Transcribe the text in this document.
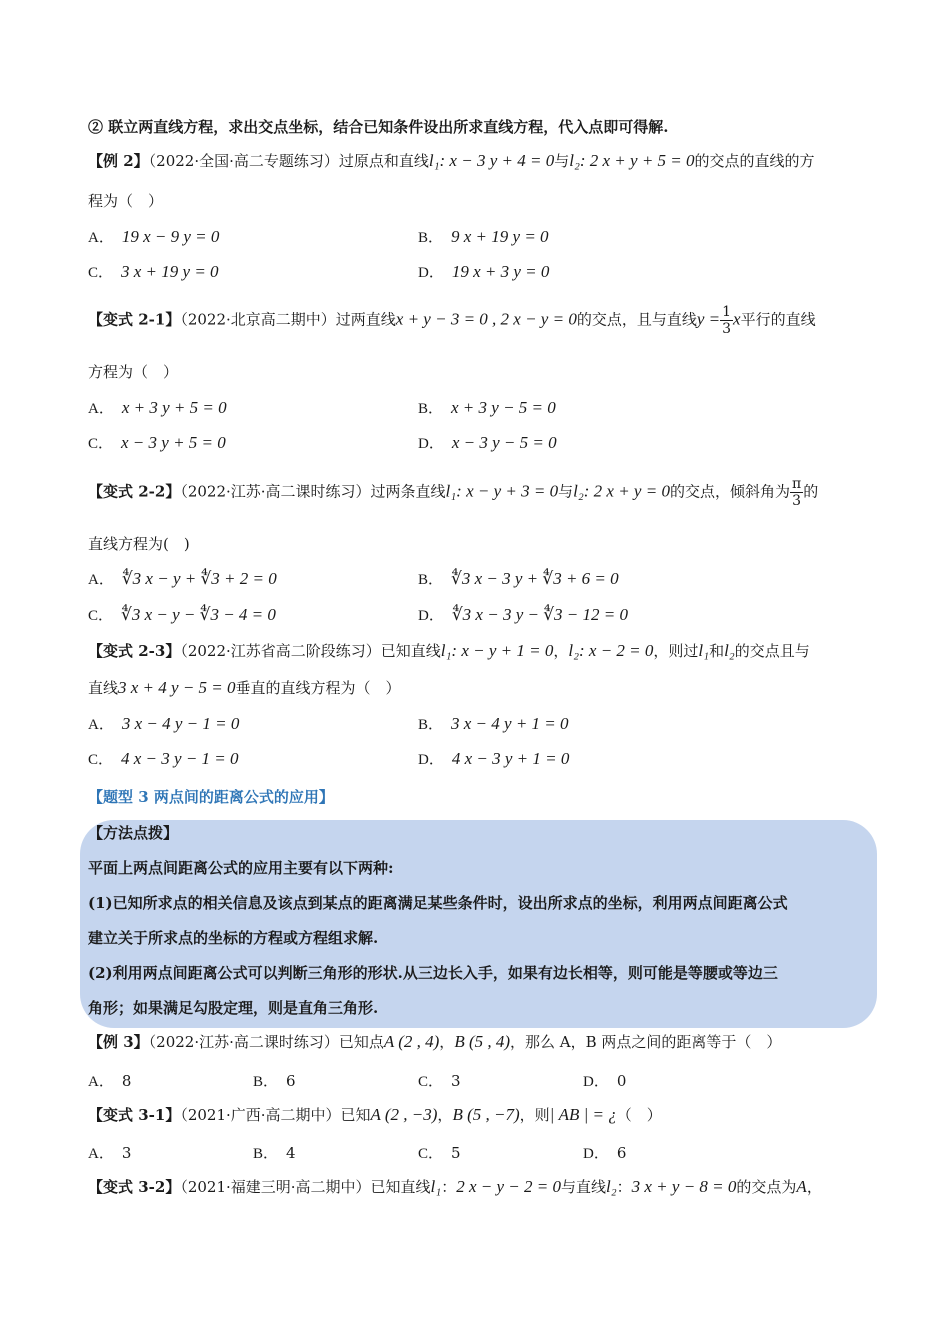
② 联立两直线方程，求出交点坐标，结合已知条件设出所求直线方程，代入点即可得解.
【例 2】（2022·全国·高二专题练习）过原点和直线l₁: x − 3 y + 4 = 0与l₂: 2 x + y + 5 = 0的交点的直线的方
程为（　）
A． 19 x − 9 y = 0	B． 9 x + 19 y = 0
C． 3 x + 19 y = 0	D． 19 x + 3 y = 0
【变式 2-1】（2022·北京高二期中）过两直线x + y − 3 = 0 , 2 x − y = 0的交点，且与直线$y = \frac{1}{3}$ x平行的直线
方程为（　）
A． x + 3 y + 5 = 0	B． x + 3 y − 5 = 0
C． x − 3 y + 5 = 0	D． x − 3 y − 5 = 0
【变式 2-2】（2022·江苏·高二课时练习）过两条直线l₁: x − y + 3 = 0与l₂: 2 x + y = 0的交点，倾斜角为 $\frac{\pi}{3}$ 的
直线方程为(　)
A． ∜3 x − y + ∜3 + 2 = 0	B． ∜3 x − 3 y + ∜3 + 6 = 0
C． ∜3 x − y − ∜3 − 4 = 0	D． ∜3 x − 3 y − ∜3 − 12 = 0
【变式 2-3】（2022·江苏省高二阶段练习）已知直线l₁: x − y + 1 = 0，l₂: x − 2 = 0，则过l₁和l₂的交点且与
直线3 x + 4 y − 5 = 0垂直的直线方程为（　）
A． 3 x − 4 y − 1 = 0	B． 3 x − 4 y + 1 = 0
C． 4 x − 3 y − 1 = 0	D． 4 x − 3 y + 1 = 0
【题型 3 两点间的距离公式的应用】
【方法点拨】
平面上两点间距离公式的应用主要有以下两种:
(1)已知所求点的相关信息及该点到某点的距离满足某些条件时，设出所求点的坐标，利用两点间距离公式
建立关于所求点的坐标的方程或方程组求解.
(2)利用两点间距离公式可以判断三角形的形状.从三边长入手，如果有边长相等，则可能是等腰或等边三
角形；如果满足勾股定理，则是直角三角形.
【例 3】（2022·江苏·高二课时练习）已知点A (2 , 4)，B (5 , 4)，那么 A，B 两点之间的距离等于（　）
A． 8	B． 6	C． 3	D． 0
【变式 3-1】（2021·广西·高二期中）已知A (2 , −3)，B (5 , −7)，则| AB | = ¿（　）
A． 3	B． 4	C． 5	D． 6
【变式 3-2】（2021·福建三明·高二期中）已知直线l₁：2 x − y − 2 = 0与直线l₂：3 x + y − 8 = 0的交点为A，
